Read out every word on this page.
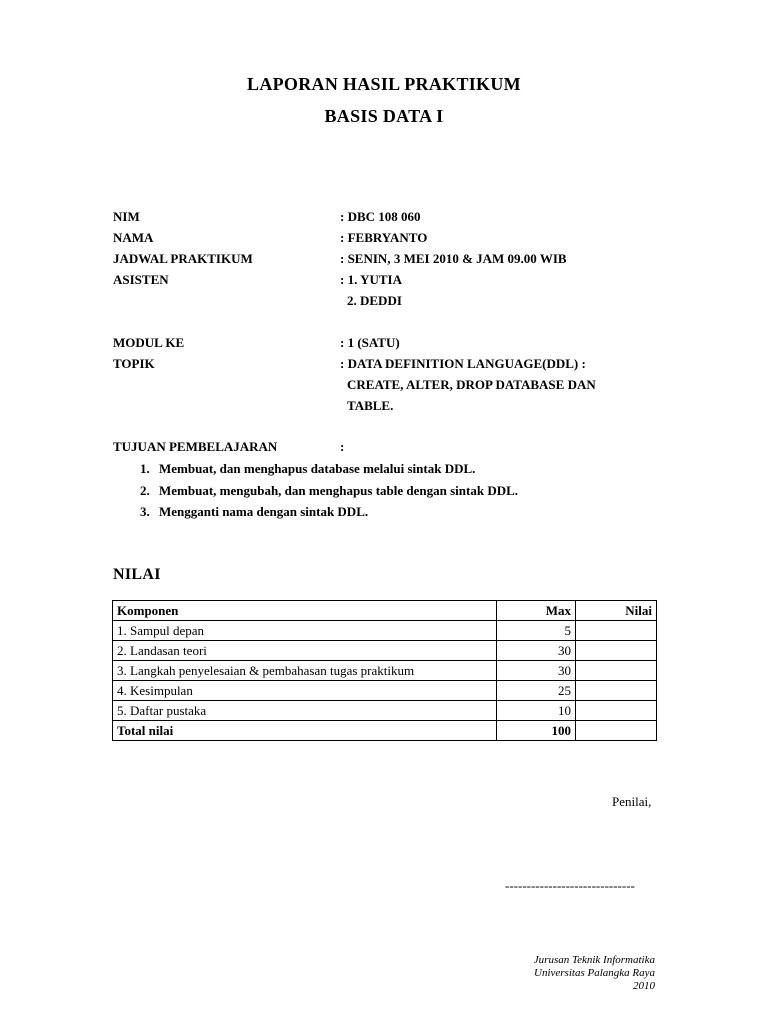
LAPORAN HASIL PRAKTIKUM
BASIS DATA I
NIM	: DBC 108 060
NAMA	: FEBRYANTO
JADWAL PRAKTIKUM	: SENIN, 3 MEI 2010 & JAM 09.00 WIB
ASISTEN	: 1. YUTIA
2. DEDDI
MODUL KE	: 1 (SATU)
TOPIK	: DATA DEFINITION LANGUAGE(DDL) :
CREATE, ALTER, DROP DATABASE DAN
TABLE.
TUJUAN PEMBELAJARAN	:
1. Membuat, dan menghapus database melalui sintak DDL.
2. Membuat, mengubah, dan menghapus table dengan sintak DDL.
3. Mengganti nama dengan sintak DDL.
NILAI
Komponen	Max	Nilai
1. Sampul depan	5	
2. Landasan teori	30	
3. Langkah penyelesaian & pembahasan tugas praktikum	30	
4. Kesimpulan	25	
5. Daftar pustaka	10	
Total nilai	100	
Penilai,
------------------------------
Jurusan Teknik Informatika
Universitas Palangka Raya
2010
